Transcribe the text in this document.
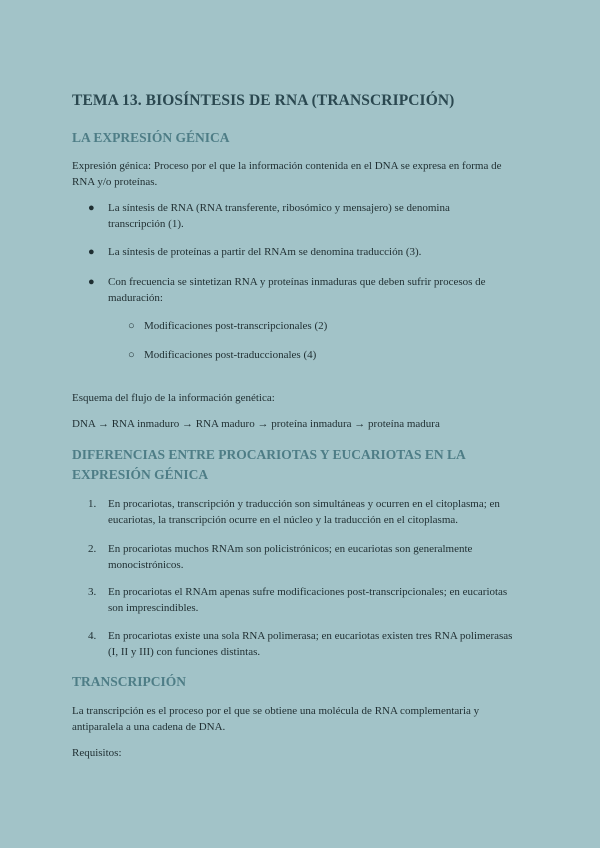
TEMA 13. BIOSÍNTESIS DE RNA (TRANSCRIPCIÓN)
LA EXPRESIÓN GÉNICA

Expresión génica: Proceso por el que la información contenida en el DNA se expresa en forma de RNA y/o proteínas.

● La síntesis de RNA (RNA transferente, ribosómico y mensajero) se denomina transcripción (1).
● La síntesis de proteínas a partir del RNAm se denomina traducción (3).
● Con frecuencia se sintetizan RNA y proteínas inmaduras que deben sufrir procesos de maduración:
○ Modificaciones post-transcripcionales (2)
○ Modificaciones post-traduccionales (4)

Esquema del flujo de la información genética:

DNA → RNA inmaduro → RNA maduro → proteína inmadura → proteína madura

DIFERENCIAS ENTRE PROCARIOTAS Y EUCARIOTAS EN LA EXPRESIÓN GÉNICA
1. En procariotas, transcripción y traducción son simultáneas y ocurren en el citoplasma; en eucariotas, la transcripción ocurre en el núcleo y la traducción en el citoplasma.
2. En procariotas muchos RNAm son policistrónicos; en eucariotas son generalmente monocistrónicos.
3. En procariotas el RNAm apenas sufre modificaciones post-transcripcionales; en eucariotas son imprescindibles.
4. En procariotas existe una sola RNA polimerasa; en eucariotas existen tres RNA polimerasas (I, II y III) con funciones distintas.
TRANSCRIPCIÓN

La transcripción es el proceso por el que se obtiene una molécula de RNA complementaria y antiparalela a una cadena de DNA.

Requisitos:
